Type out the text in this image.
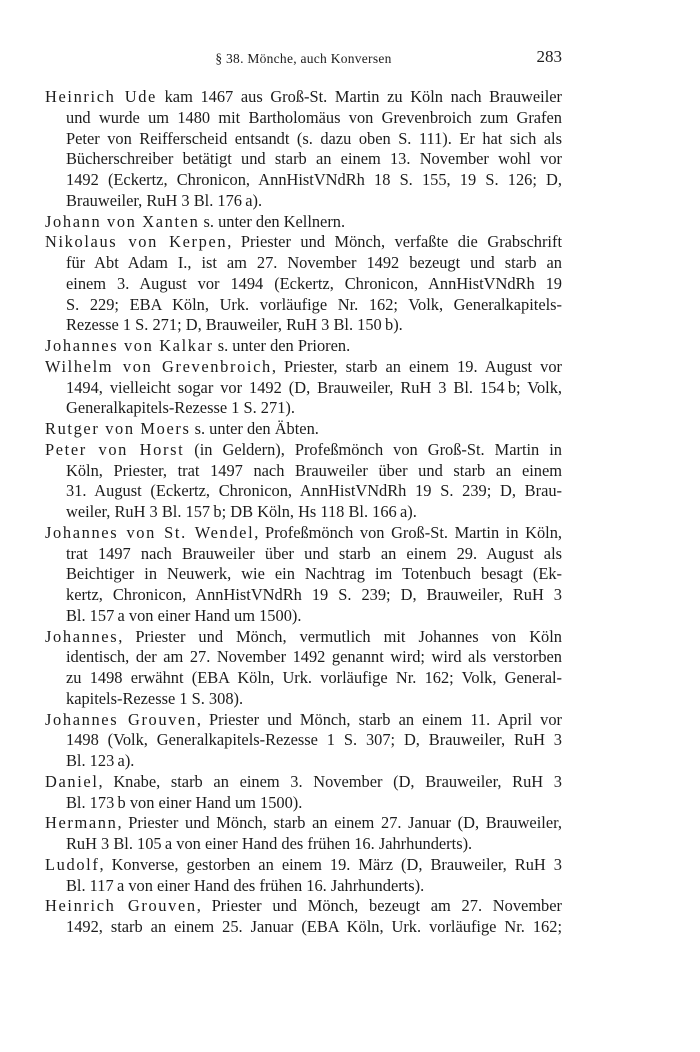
§ 38. Mönche, auch Konversen	283
Heinrich Ude kam 1467 aus Groß-St. Martin zu Köln nach Brauweiler
und wurde um 1480 mit Bartholomäus von Grevenbroich zum Grafen
Peter von Reifferscheid entsandt (s. dazu oben S. 111). Er hat sich als
Bücherschreiber betätigt und starb an einem 13. November wohl vor
1492 (Eckertz, Chronicon, AnnHistVNdRh 18 S. 155, 19 S. 126; D,
Brauweiler, RuH 3 Bl. 176 a).
Johann von Xanten s. unter den Kellnern.
Nikolaus von Kerpen, Priester und Mönch, verfaßte die Grabschrift
für Abt Adam I., ist am 27. November 1492 bezeugt und starb an
einem 3. August vor 1494 (Eckertz, Chronicon, AnnHistVNdRh 19
S. 229; EBA Köln, Urk. vorläufige Nr. 162; Volk, Generalkapitels-
Rezesse 1 S. 271; D, Brauweiler, RuH 3 Bl. 150 b).
Johannes von Kalkar s. unter den Prioren.
Wilhelm von Grevenbroich, Priester, starb an einem 19. August vor
1494, vielleicht sogar vor 1492 (D, Brauweiler, RuH 3 Bl. 154 b; Volk,
Generalkapitels-Rezesse 1 S. 271).
Rutger von Moers s. unter den Äbten.
Peter von Horst (in Geldern), Profeßmönch von Groß-St. Martin in
Köln, Priester, trat 1497 nach Brauweiler über und starb an einem
31. August (Eckertz, Chronicon, AnnHistVNdRh 19 S. 239; D, Brau-
weiler, RuH 3 Bl. 157 b; DB Köln, Hs 118 Bl. 166 a).
Johannes von St. Wendel, Profeßmönch von Groß-St. Martin in Köln,
trat 1497 nach Brauweiler über und starb an einem 29. August als
Beichtiger in Neuwerk, wie ein Nachtrag im Totenbuch besagt (Ek-
kertz, Chronicon, AnnHistVNdRh 19 S. 239; D, Brauweiler, RuH 3
Bl. 157 a von einer Hand um 1500).
Johannes, Priester und Mönch, vermutlich mit Johannes von Köln
identisch, der am 27. November 1492 genannt wird; wird als verstorben
zu 1498 erwähnt (EBA Köln, Urk. vorläufige Nr. 162; Volk, General-
kapitels-Rezesse 1 S. 308).
Johannes Grouven, Priester und Mönch, starb an einem 11. April vor
1498 (Volk, Generalkapitels-Rezesse 1 S. 307; D, Brauweiler, RuH 3
Bl. 123 a).
Daniel, Knabe, starb an einem 3. November (D, Brauweiler, RuH 3
Bl. 173 b von einer Hand um 1500).
Hermann, Priester und Mönch, starb an einem 27. Januar (D, Brauweiler,
RuH 3 Bl. 105 a von einer Hand des frühen 16. Jahrhunderts).
Ludolf, Konverse, gestorben an einem 19. März (D, Brauweiler, RuH 3
Bl. 117 a von einer Hand des frühen 16. Jahrhunderts).
Heinrich Grouven, Priester und Mönch, bezeugt am 27. November
1492, starb an einem 25. Januar (EBA Köln, Urk. vorläufige Nr. 162;
